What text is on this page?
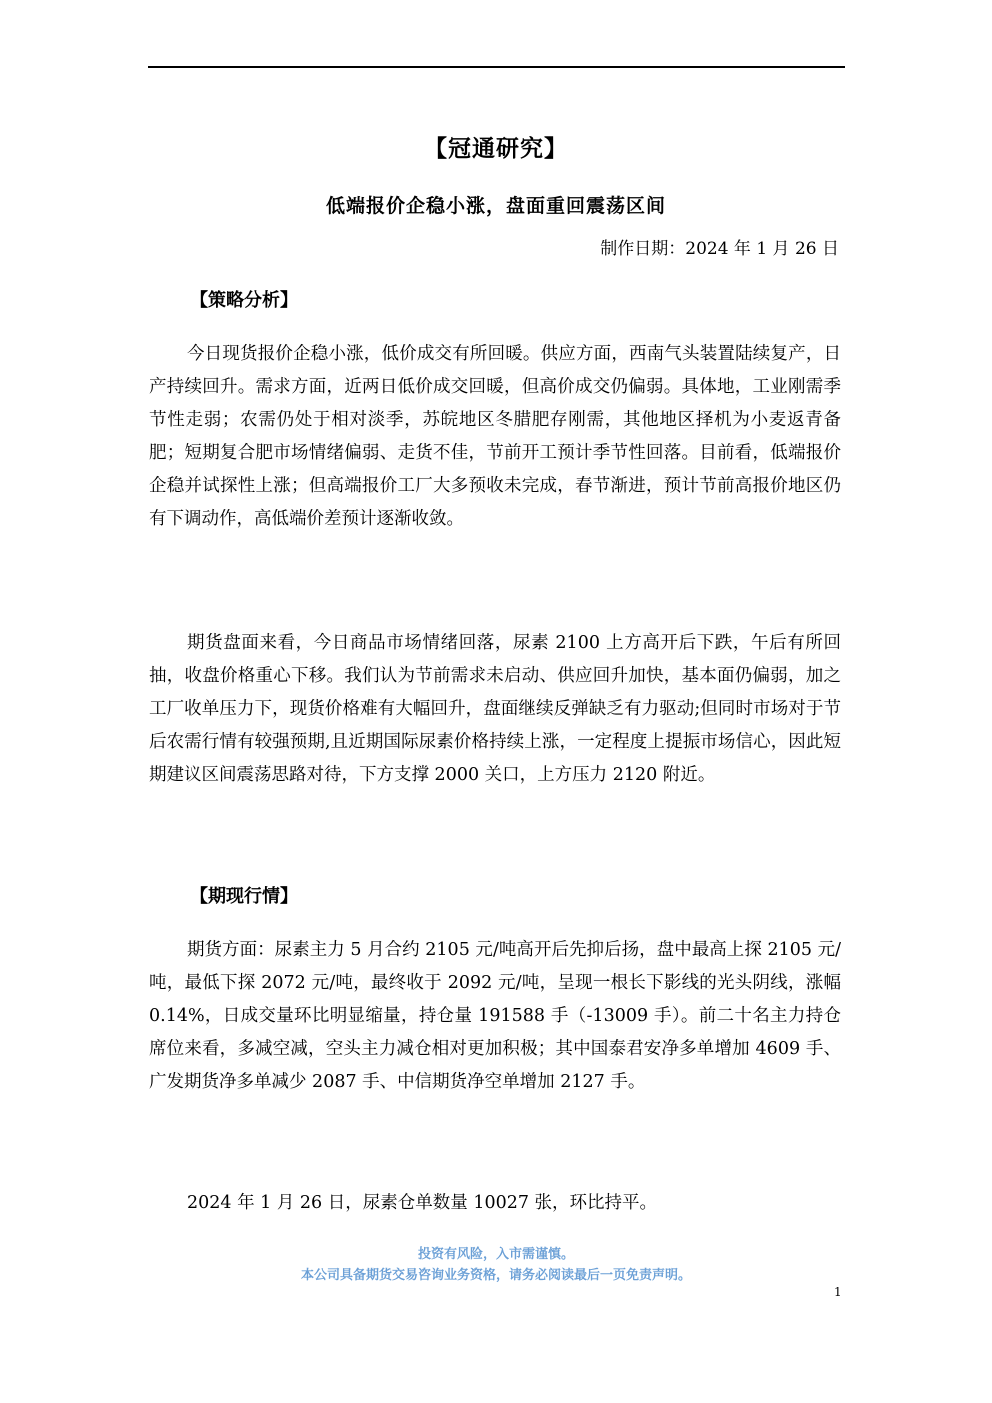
【冠通研究】
低端报价企稳小涨，盘面重回震荡区间
制作日期：2024 年 1 月 26 日
【策略分析】

今日现货报价企稳小涨，低价成交有所回暖。供应方面，西南气头装置陆续复产，日产持续回升。需求方面，近两日低价成交回暖，但高价成交仍偏弱。具体地，工业刚需季节性走弱；农需仍处于相对淡季，苏皖地区冬腊肥存刚需，其他地区择机为小麦返青备肥；短期复合肥市场情绪偏弱、走货不佳，节前开工预计季节性回落。目前看，低端报价企稳并试探性上涨；但高端报价工厂大多预收未完成，春节渐进，预计节前高报价地区仍有下调动作，高低端价差预计逐渐收敛。

期货盘面来看，今日商品市场情绪回落，尿素 2100 上方高开后下跌，午后有所回抽，收盘价格重心下移。我们认为节前需求未启动、供应回升加快，基本面仍偏弱，加之工厂收单压力下，现货价格难有大幅回升，盘面继续反弹缺乏有力驱动;但同时市场对于节后农需行情有较强预期,且近期国际尿素价格持续上涨，一定程度上提振市场信心，因此短期建议区间震荡思路对待，下方支撑 2000 关口，上方压力 2120 附近。

【期现行情】

期货方面：尿素主力 5 月合约 2105 元/吨高开后先抑后扬，盘中最高上探 2105 元/吨，最低下探 2072 元/吨，最终收于 2092 元/吨，呈现一根长下影线的光头阴线，涨幅 0.14%，日成交量环比明显缩量，持仓量 191588 手（-13009 手）。前二十名主力持仓席位来看，多减空减，空头主力减仓相对更加积极；其中国泰君安净多单增加 4609 手、广发期货净多单减少 2087 手、中信期货净空单增加 2127 手。

2024 年 1 月 26 日，尿素仓单数量 10027 张，环比持平。

投资有风险，入市需谨慎。
本公司具备期货交易咨询业务资格，请务必阅读最后一页免责声明。
1
